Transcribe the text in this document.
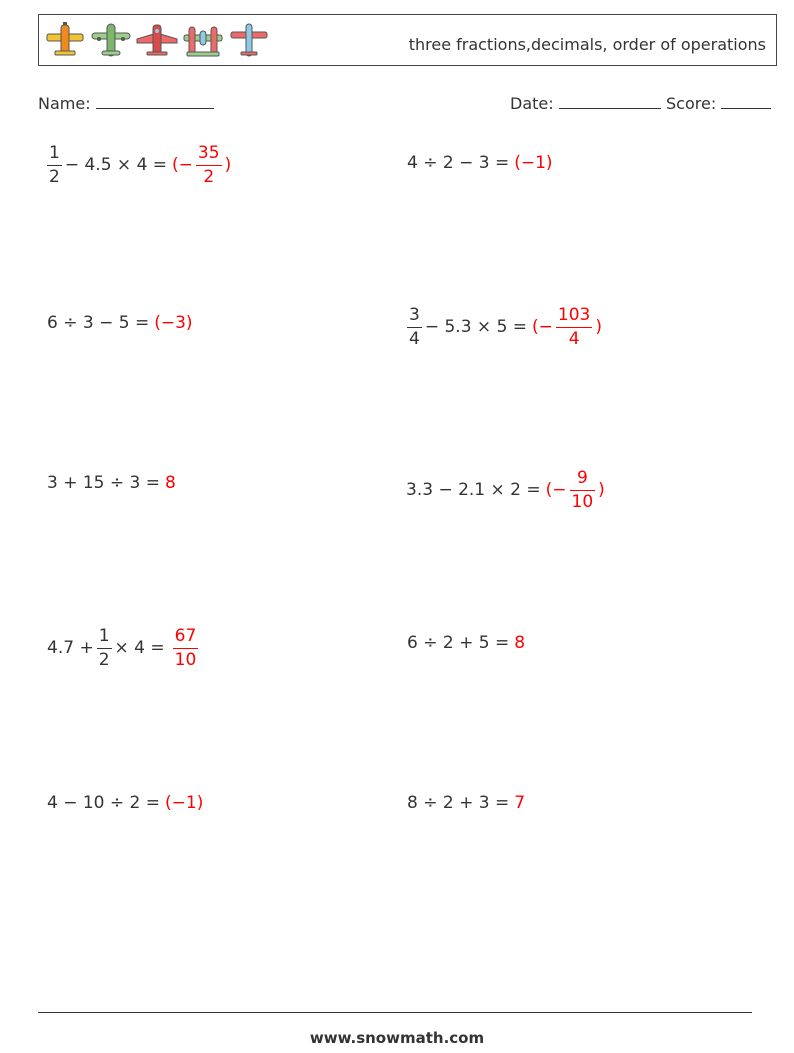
three fractions,decimals, order of operations
Name:	Date:	Score:
$\frac{1}{2} - 4.5 \times 4$ = (− $\frac{35}{2}$ )	4 ÷ 2 − 3 = (−1)
6 ÷ 3 − 5 = (−3)	$\frac{3}{4} - 5.3 \times 5$ = (− $\frac{103}{4}$ )
3 + 15 ÷ 3 = 8	3.3 − 2.1 × 2 = (− $\frac{9}{10}$ )
$4.7 + \frac{1}{2} \times 4 = \frac{67}{10}$	6 ÷ 2 + 5 = 8
4 − 10 ÷ 2 = (−1)	8 ÷ 2 + 3 = 7
www.snowmath.com
